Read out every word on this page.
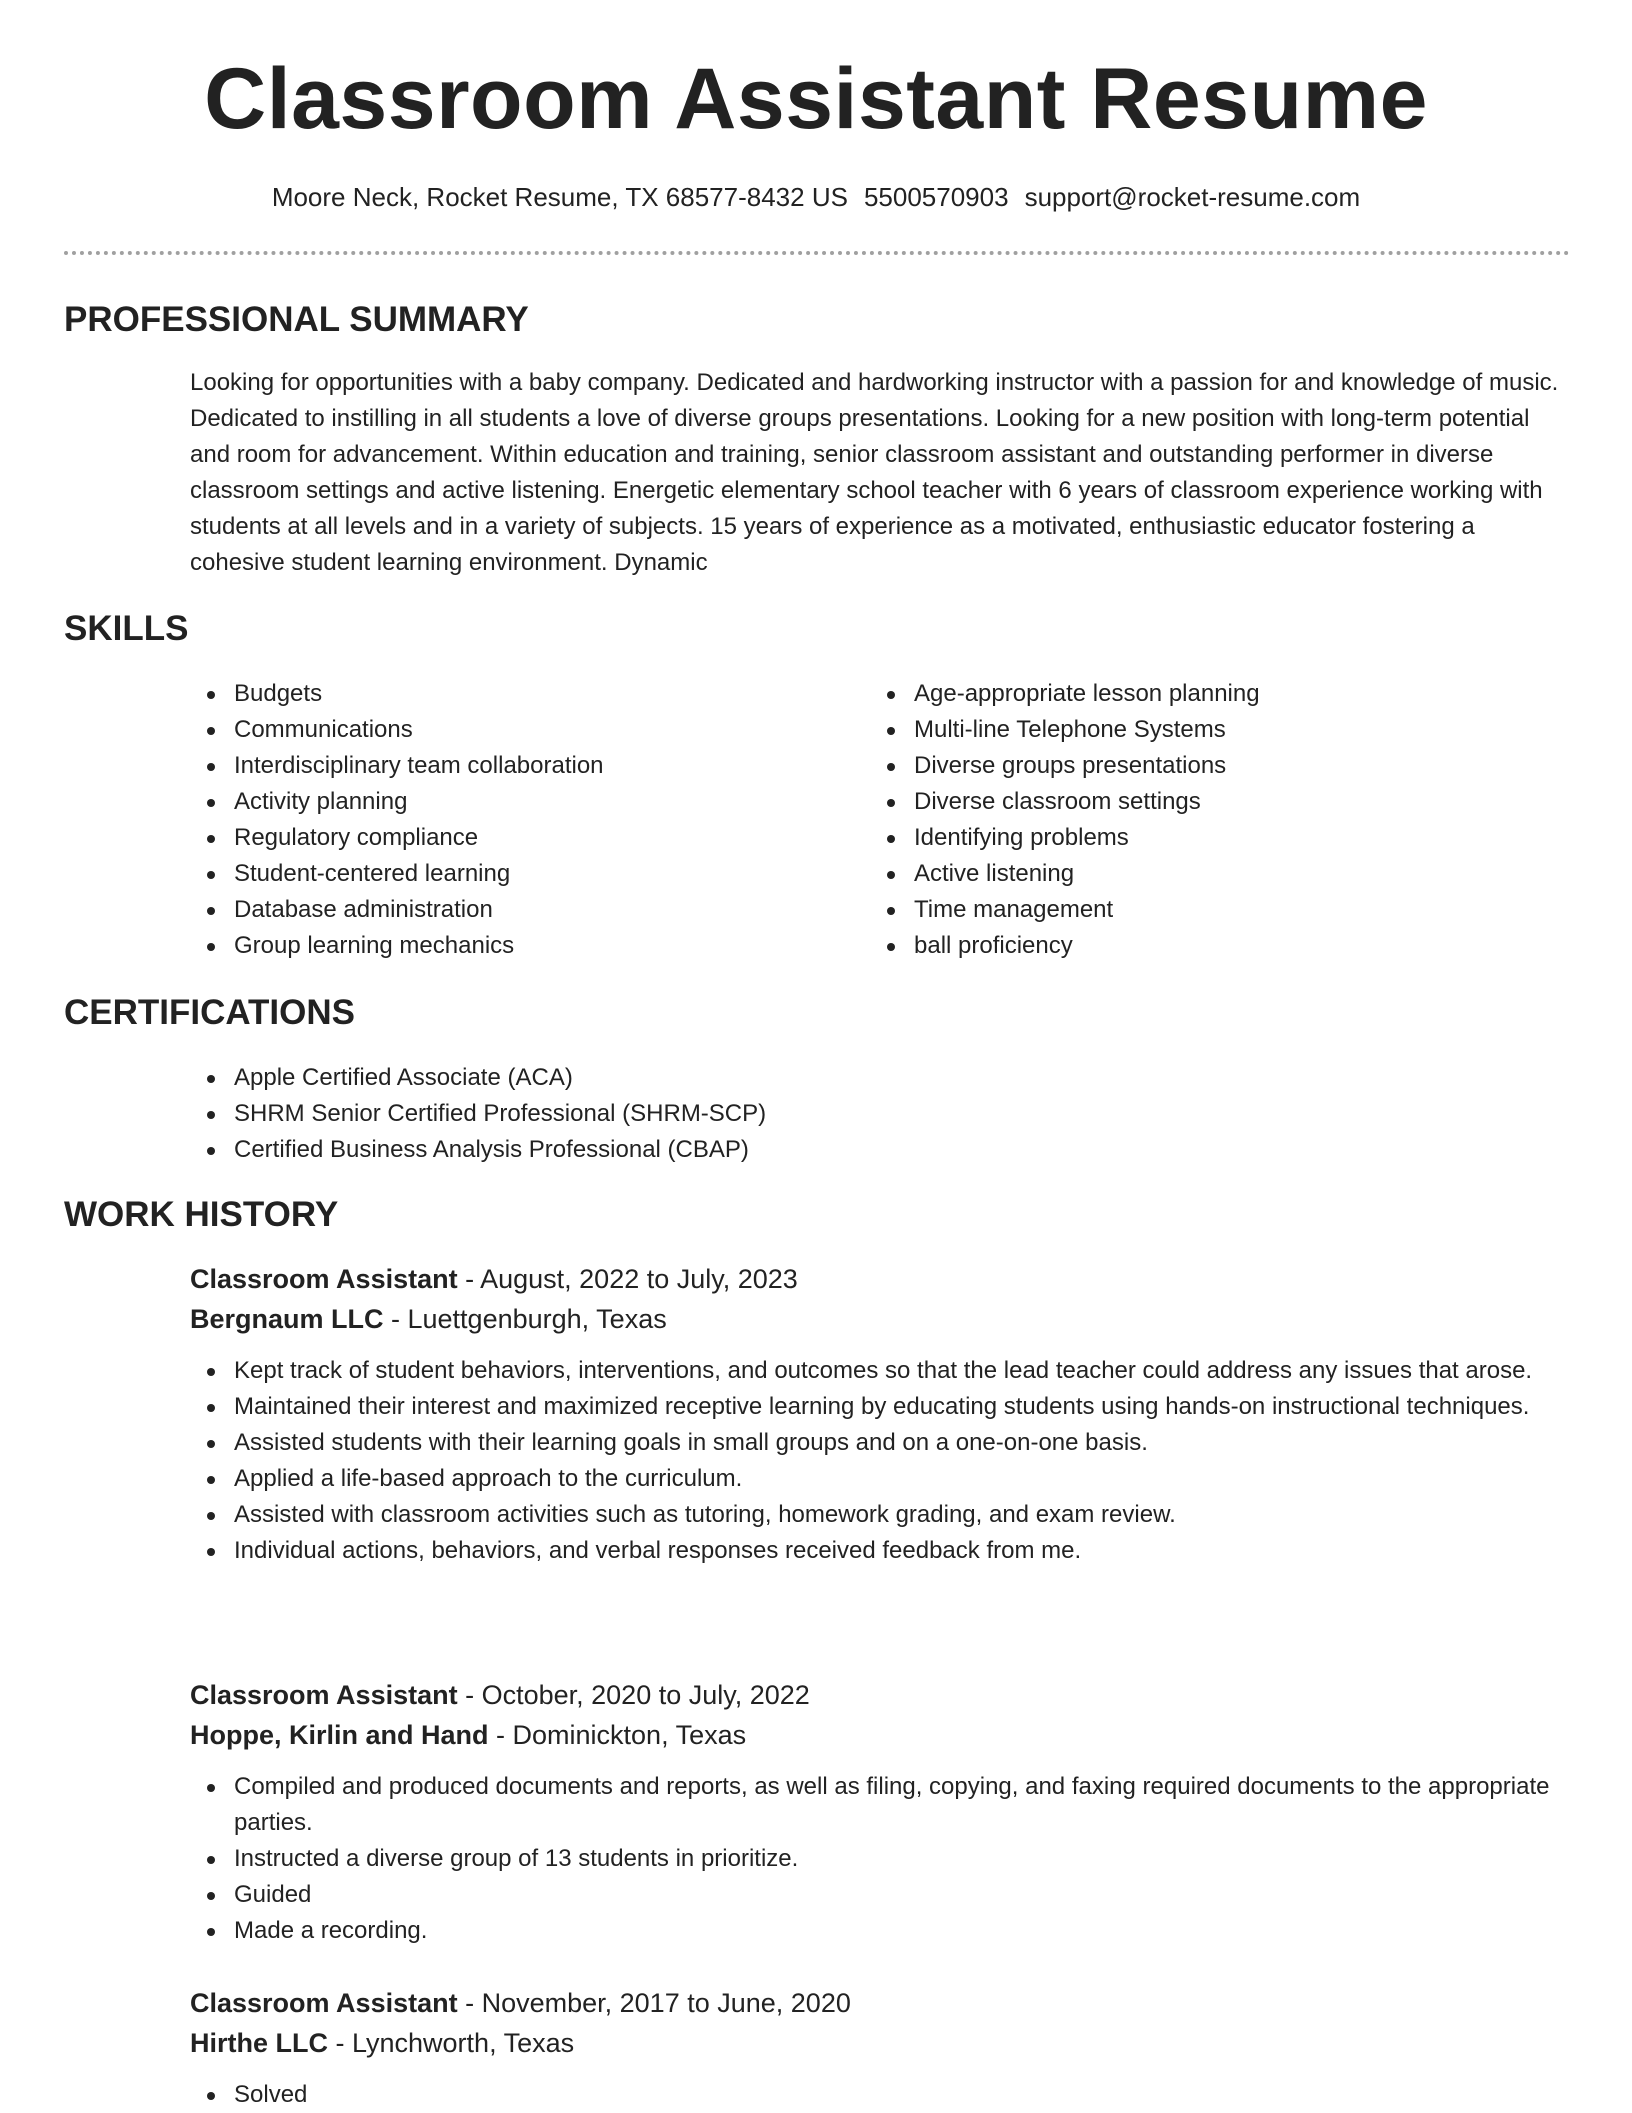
Classroom Assistant Resume
Moore Neck, Rocket Resume, TX 68577-8432 US 5500570903 support@rocket-resume.com
PROFESSIONAL SUMMARY

Looking for opportunities with a baby company. Dedicated and hardworking instructor with a passion for and knowledge of music. Dedicated to instilling in all students a love of diverse groups presentations. Looking for a new position with long-term potential and room for advancement. Within education and training, senior classroom assistant and outstanding performer in diverse classroom settings and active listening. Energetic elementary school teacher with 6 years of classroom experience working with students at all levels and in a variety of subjects. 15 years of experience as a motivated, enthusiastic educator fostering a cohesive student learning environment. Dynamic

SKILLS
Budgets
Communications
Interdisciplinary team collaboration
Activity planning
Regulatory compliance
Student-centered learning
Database administration
Group learning mechanics
Age-appropriate lesson planning
Multi-line Telephone Systems
Diverse groups presentations
Diverse classroom settings
Identifying problems
Active listening
Time management
ball proficiency
CERTIFICATIONS
Apple Certified Associate (ACA)
SHRM Senior Certified Professional (SHRM-SCP)
Certified Business Analysis Professional (CBAP)
WORK HISTORY
Classroom Assistant - August, 2022 to July, 2023
Bergnaum LLC - Luettgenburgh, Texas
Kept track of student behaviors, interventions, and outcomes so that the lead teacher could address any issues that arose.
Maintained their interest and maximized receptive learning by educating students using hands-on instructional techniques.
Assisted students with their learning goals in small groups and on a one-on-one basis.
Applied a life-based approach to the curriculum.
Assisted with classroom activities such as tutoring, homework grading, and exam review.
Individual actions, behaviors, and verbal responses received feedback from me.
Classroom Assistant - October, 2020 to July, 2022
Hoppe, Kirlin and Hand - Dominickton, Texas
Compiled and produced documents and reports, as well as filing, copying, and faxing required documents to the appropriate parties.
Instructed a diverse group of 13 students in prioritize.
Guided
Made a recording.
Classroom Assistant - November, 2017 to June, 2020
Hirthe LLC - Lynchworth, Texas
Solved
